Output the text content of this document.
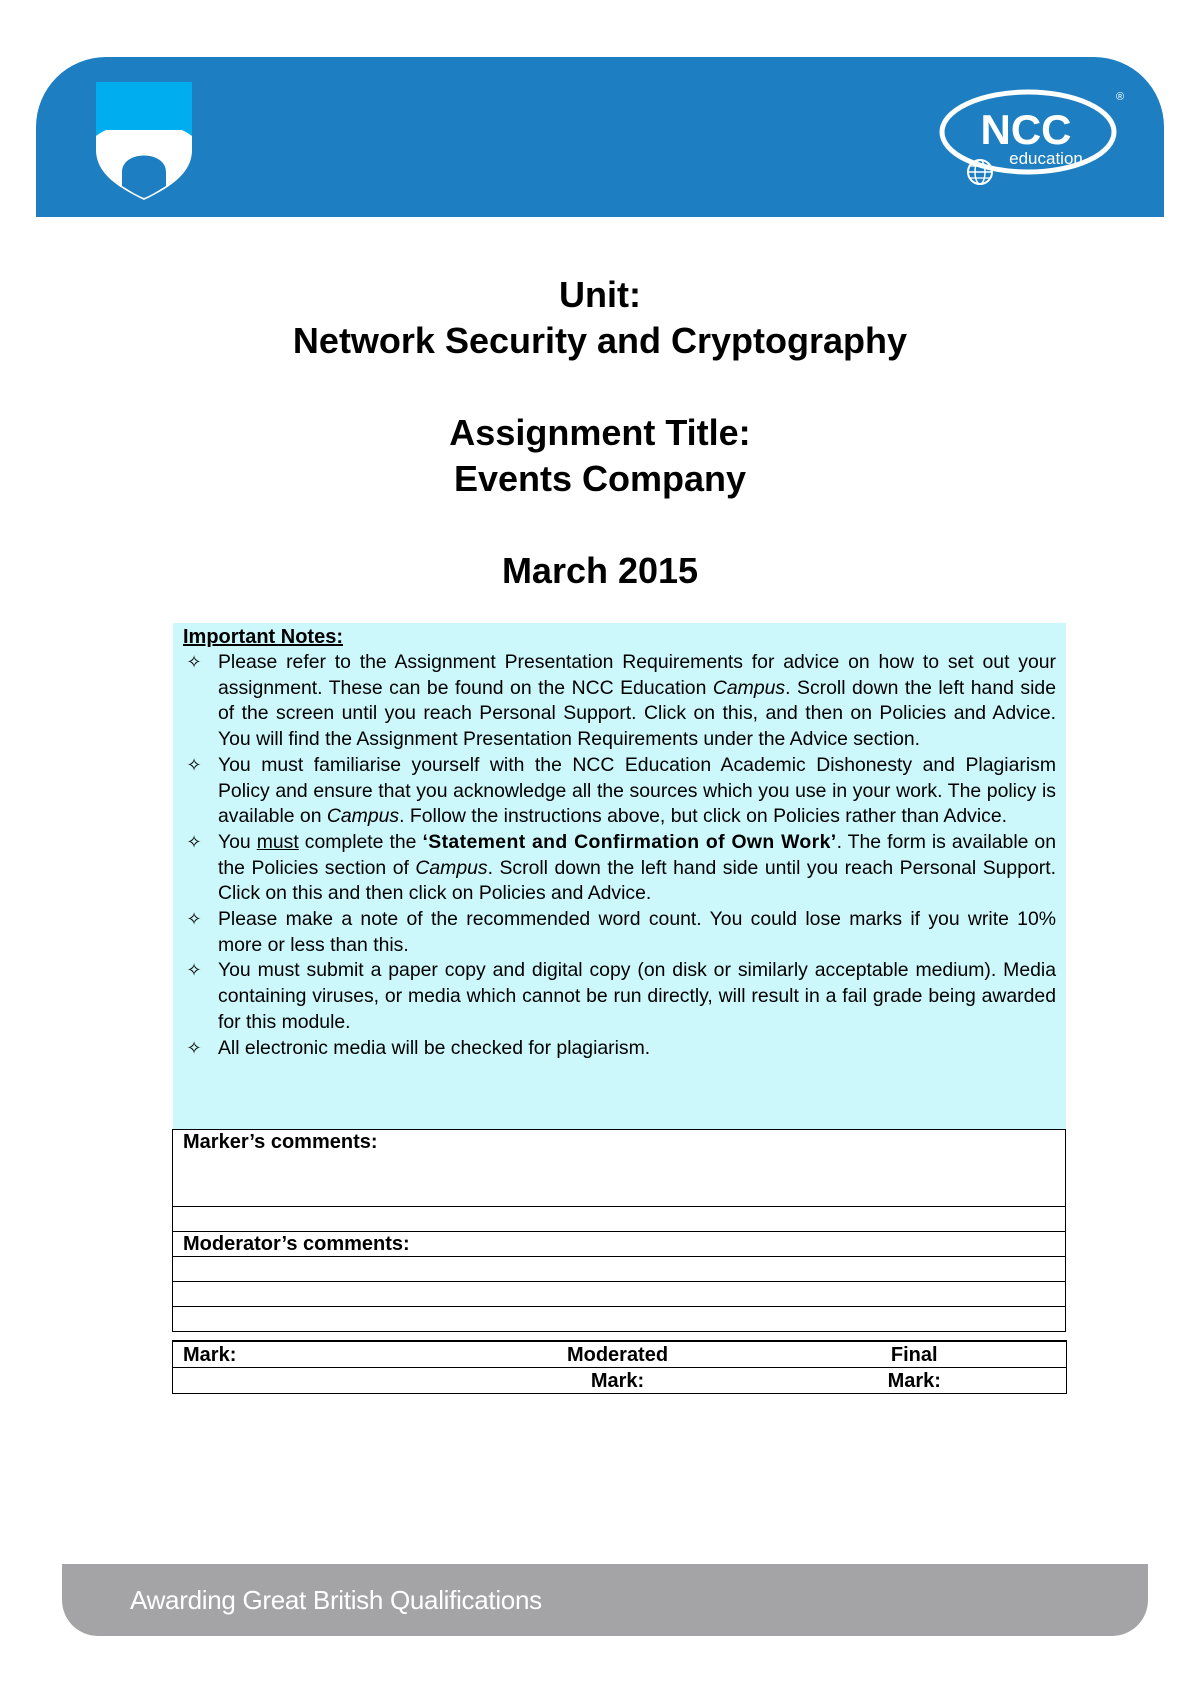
NCC
education
®

Unit:

Network Security and Cryptography

Assignment Title:

Events Company

March 2015

Important Notes:

✧ Please refer to the Assignment Presentation Requirements for advice on how to set out your assignment. These can be found on the NCC Education Campus. Scroll down the left hand side of the screen until you reach Personal Support. Click on this, and then on Policies and Advice. You will find the Assignment Presentation Requirements under the Advice section.
✧ You must familiarise yourself with the NCC Education Academic Dishonesty and Plagiarism Policy and ensure that you acknowledge all the sources which you use in your work. The policy is available on Campus. Follow the instructions above, but click on Policies rather than Advice.
✧ You must complete the ‘Statement and Confirmation of Own Work’. The form is available on the Policies section of Campus. Scroll down the left hand side until you reach Personal Support. Click on this and then click on Policies and Advice.
✧ Please make a note of the recommended word count. You could lose marks if you write 10% more or less than this.
✧ You must submit a paper copy and digital copy (on disk or similarly acceptable medium). Media containing viruses, or media which cannot be run directly, will result in a fail grade being awarded for this module.
✧ All electronic media will be checked for plagiarism.
Marker’s comments:

Moderator’s comments:

Mark:	Moderated	Final
	Mark:	Mark:
Awarding Great British Qualifications
